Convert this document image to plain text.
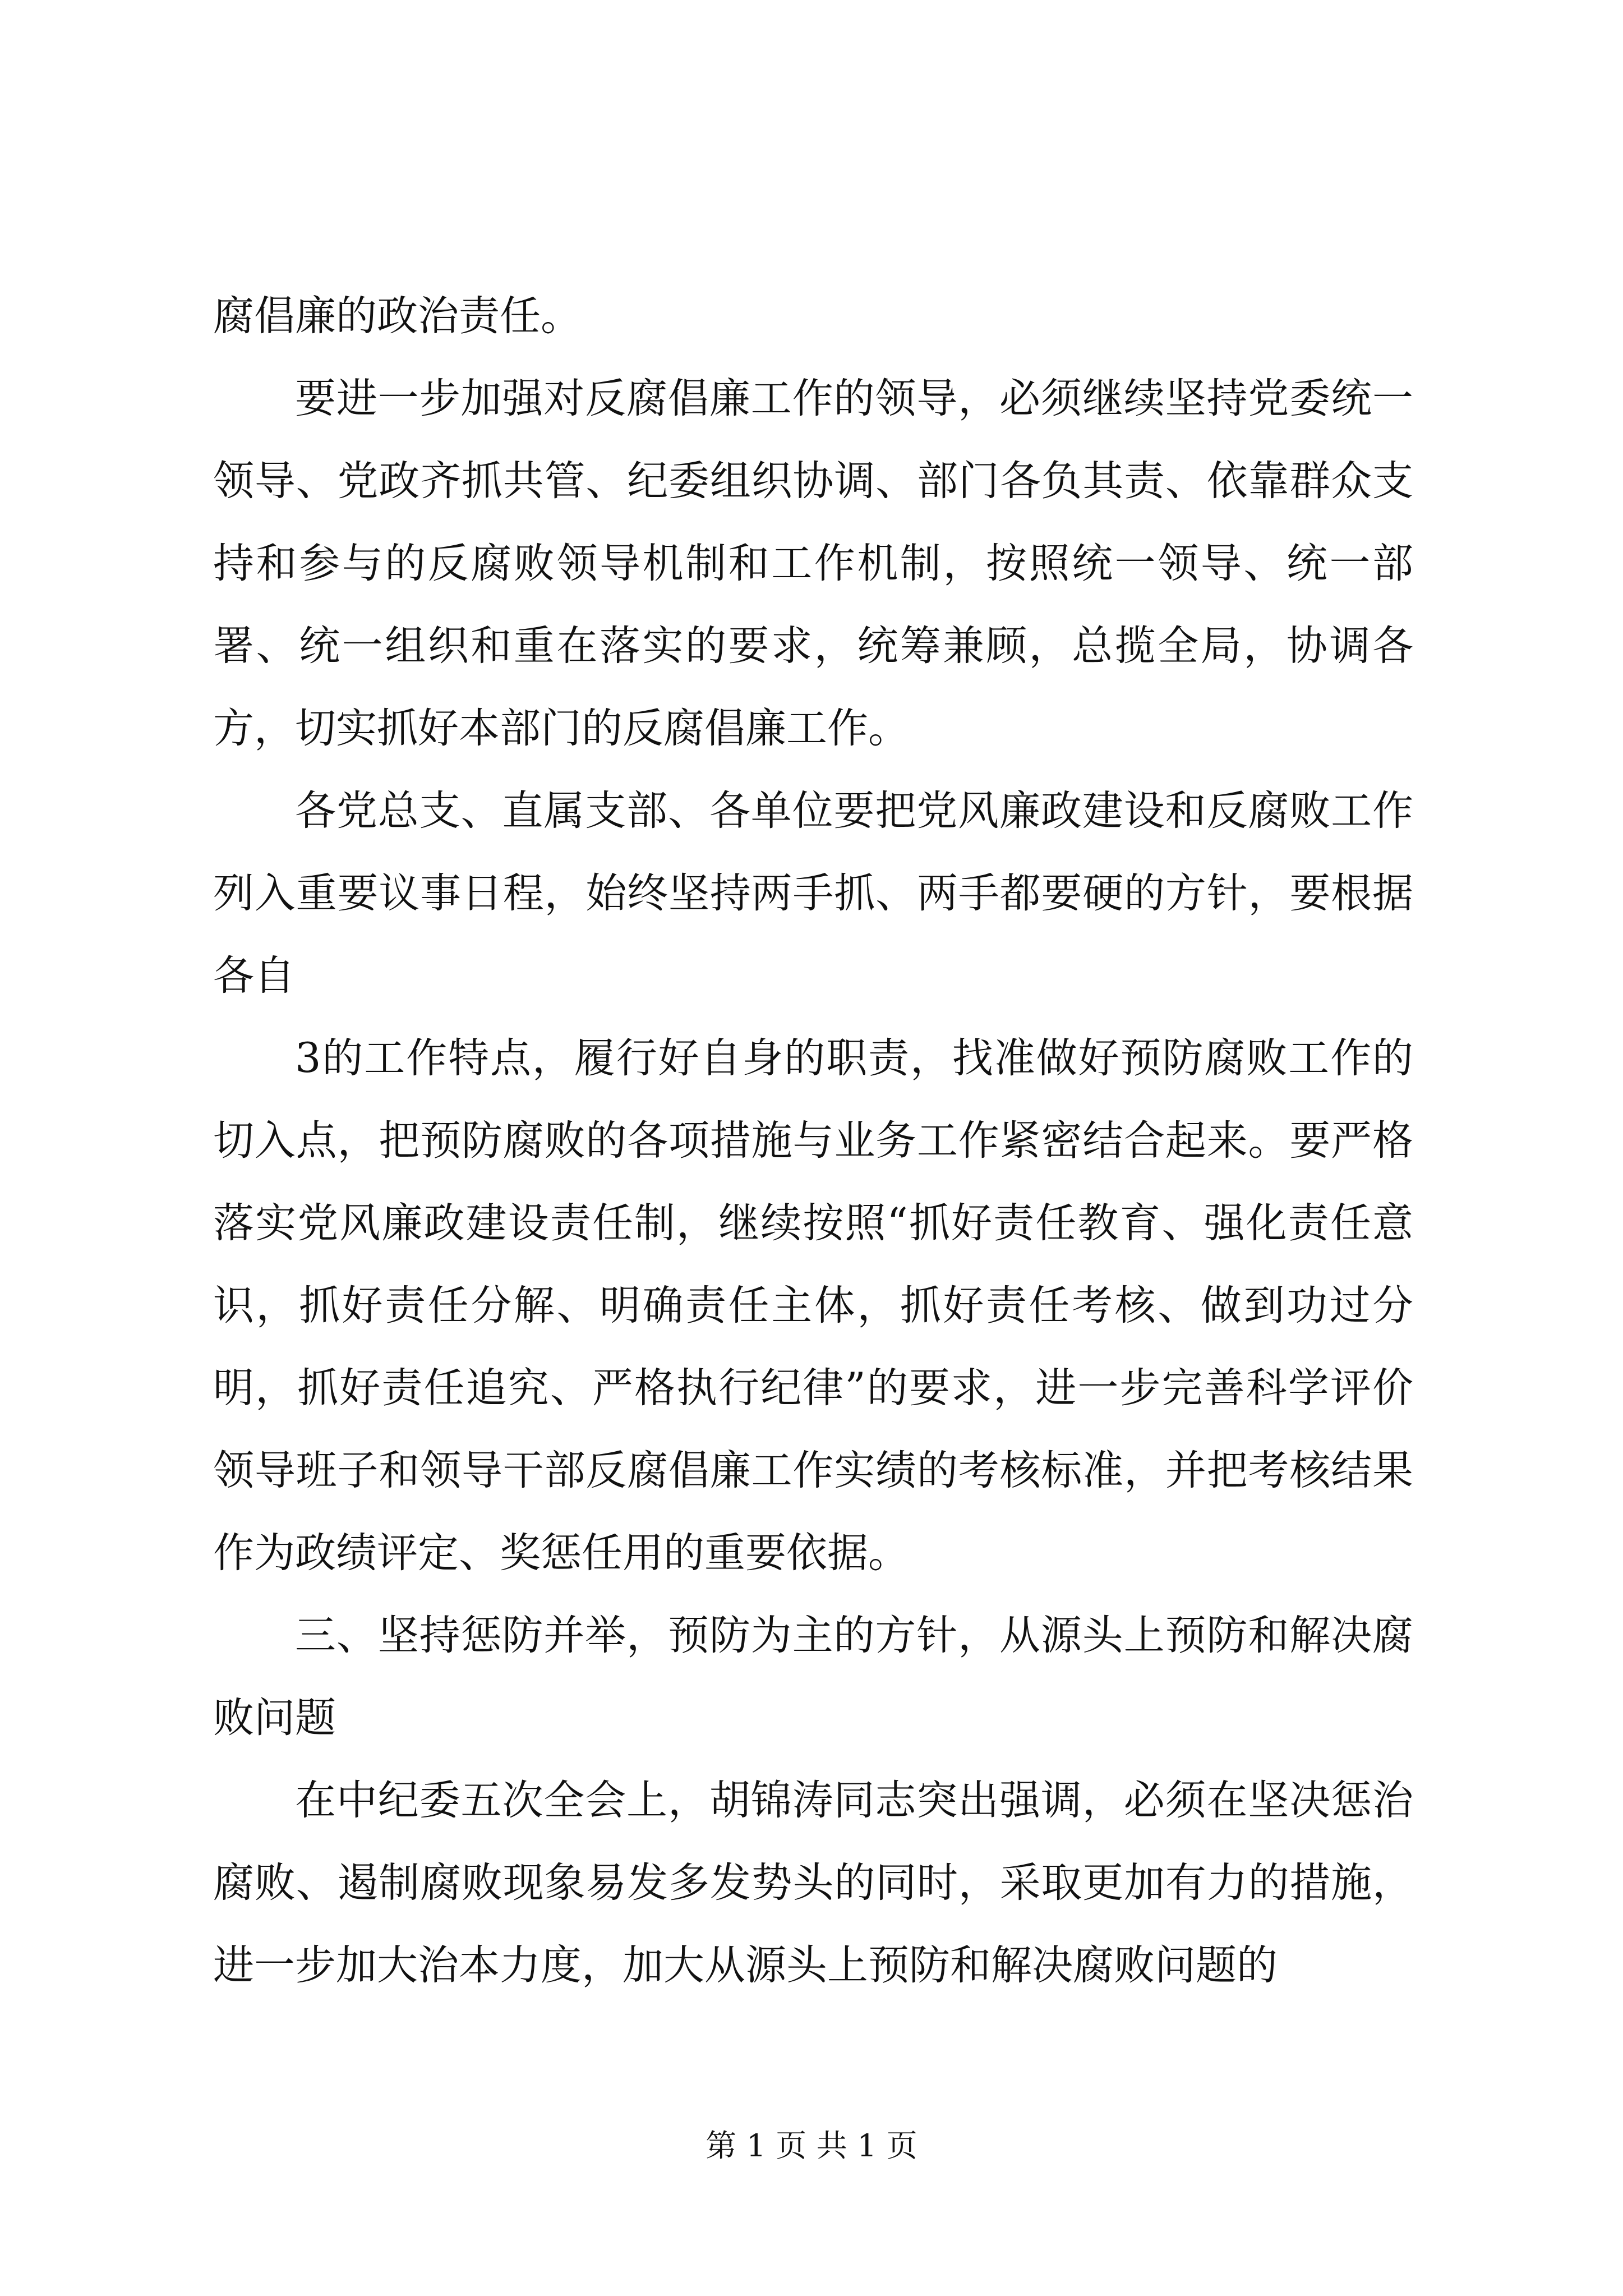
腐倡廉的政治责任。

要进一步加强对反腐倡廉工作的领导，必须继续坚持党委统一领导、党政齐抓共管、纪委组织协调、部门各负其责、依靠群众支持和参与的反腐败领导机制和工作机制，按照统一领导、统一部署、统一组织和重在落实的要求，统筹兼顾，总揽全局，协调各方，切实抓好本部门的反腐倡廉工作。

各党总支、直属支部、各单位要把党风廉政建设和反腐败工作列入重要议事日程，始终坚持两手抓、两手都要硬的方针，要根据各自

3的工作特点，履行好自身的职责，找准做好预防腐败工作的切入点，把预防腐败的各项措施与业务工作紧密结合起来。要严格落实党风廉政建设责任制，继续按照“抓好责任教育、强化责任意识，抓好责任分解、明确责任主体，抓好责任考核、做到功过分明，抓好责任追究、严格执行纪律”的要求，进一步完善科学评价领导班子和领导干部反腐倡廉工作实绩的考核标准，并把考核结果作为政绩评定、奖惩任用的重要依据。

三、坚持惩防并举，预防为主的方针，从源头上预防和解决腐败问题

在中纪委五次全会上，胡锦涛同志突出强调，必须在坚决惩治腐败、遏制腐败现象易发多发势头的同时，采取更加有力的措施，进一步加大治本力度，加大从源头上预防和解决腐败问题的

第 1 页 共 1 页
